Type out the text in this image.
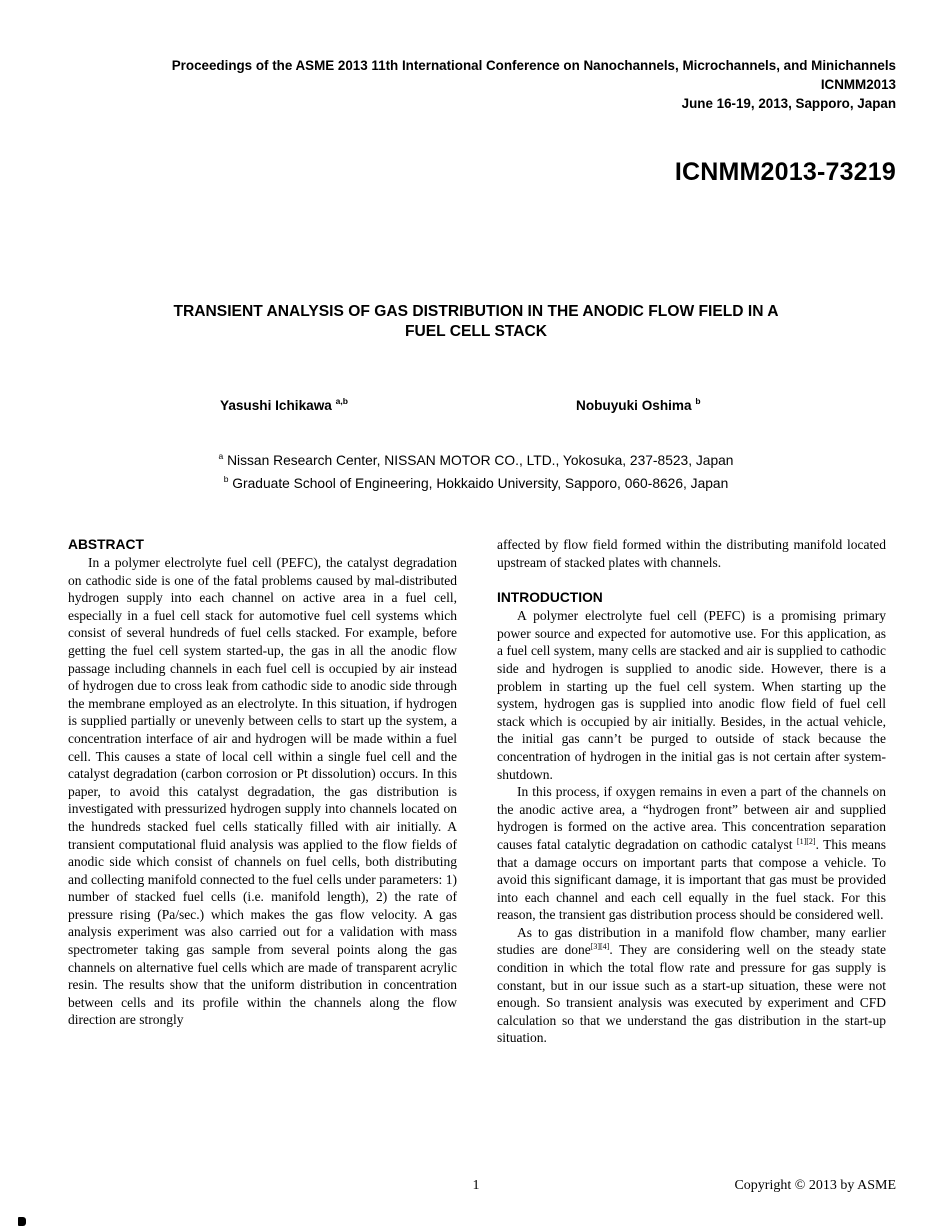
Proceedings of the ASME 2013 11th International Conference on Nanochannels, Microchannels, and Minichannels
ICNMM2013
June 16-19, 2013, Sapporo, Japan
ICNMM2013-73219
TRANSIENT ANALYSIS OF GAS DISTRIBUTION IN THE ANODIC FLOW FIELD IN A
FUEL CELL STACK
Yasushi Ichikawa $^{a,b}$	Nobuyuki Oshima $^b$
$^a$ Nissan Research Center, NISSAN MOTOR CO., LTD., Yokosuka, 237-8523, Japan
$^b$ Graduate School of Engineering, Hokkaido University, Sapporo, 060-8626, Japan
ABSTRACT

In a polymer electrolyte fuel cell (PEFC), the catalyst degradation on cathodic side is one of the fatal problems caused by mal-distributed hydrogen supply into each channel on active area in a fuel cell, especially in a fuel cell stack for automotive fuel cell systems which consist of several hundreds of fuel cells stacked. For example, before getting the fuel cell system started-up, the gas in all the anodic flow passage including channels in each fuel cell is occupied by air instead of hydrogen due to cross leak from cathodic side to anodic side through the membrane employed as an electrolyte. In this situation, if hydrogen is supplied partially or unevenly between cells to start up the system, a concentration interface of air and hydrogen will be made within a fuel cell. This causes a state of local cell within a single fuel cell and the catalyst degradation (carbon corrosion or Pt dissolution) occurs. In this paper, to avoid this catalyst degradation, the gas distribution is investigated with pressurized hydrogen supply into channels located on the hundreds stacked fuel cells statically filled with air initially. A transient computational fluid analysis was applied to the flow fields of anodic side which consist of channels on fuel cells, both distributing and collecting manifold connected to the fuel cells under parameters: 1) number of stacked fuel cells (i.e. manifold length), 2) the rate of pressure rising (Pa/sec.) which makes the gas flow velocity. A gas analysis experiment was also carried out for a validation with mass spectrometer taking gas sample from several points along the gas channels on alternative fuel cells which are made of transparent acrylic resin. The results show that the uniform distribution in concentration between cells and its profile within the channels along the flow direction are strongly

affected by flow field formed within the distributing manifold located upstream of stacked plates with channels.

INTRODUCTION

A polymer electrolyte fuel cell (PEFC) is a promising primary power source and expected for automotive use. For this application, as a fuel cell system, many cells are stacked and air is supplied to cathodic side and hydrogen is supplied to anodic side. However, there is a problem in starting up the fuel cell system. When starting up the system, hydrogen gas is supplied into anodic flow field of fuel cell stack which is occupied by air initially. Besides, in the actual vehicle, the initial gas cann’t be purged to outside of stack because the concentration of hydrogen in the initial gas is not certain after system-shutdown.

In this process, if oxygen remains in even a part of the channels on the anodic active area, a “hydrogen front” between air and supplied hydrogen is formed on the active area. This concentration separation causes fatal catalytic degradation on cathodic catalyst [1][2]. This means that a damage occurs on important parts that compose a vehicle. To avoid this significant damage, it is important that gas must be provided into each channel and each cell equally in the fuel stack. For this reason, the transient gas distribution process should be considered well.

As to gas distribution in a manifold flow chamber, many earlier studies are done[3][4]. They are considering well on the steady state condition in which the total flow rate and pressure for gas supply is constant, but in our issue such as a start-up situation, these were not enough. So transient analysis was executed by experiment and CFD calculation so that we understand the gas distribution in the start-up situation.

1	Copyright © 2013 by ASME
